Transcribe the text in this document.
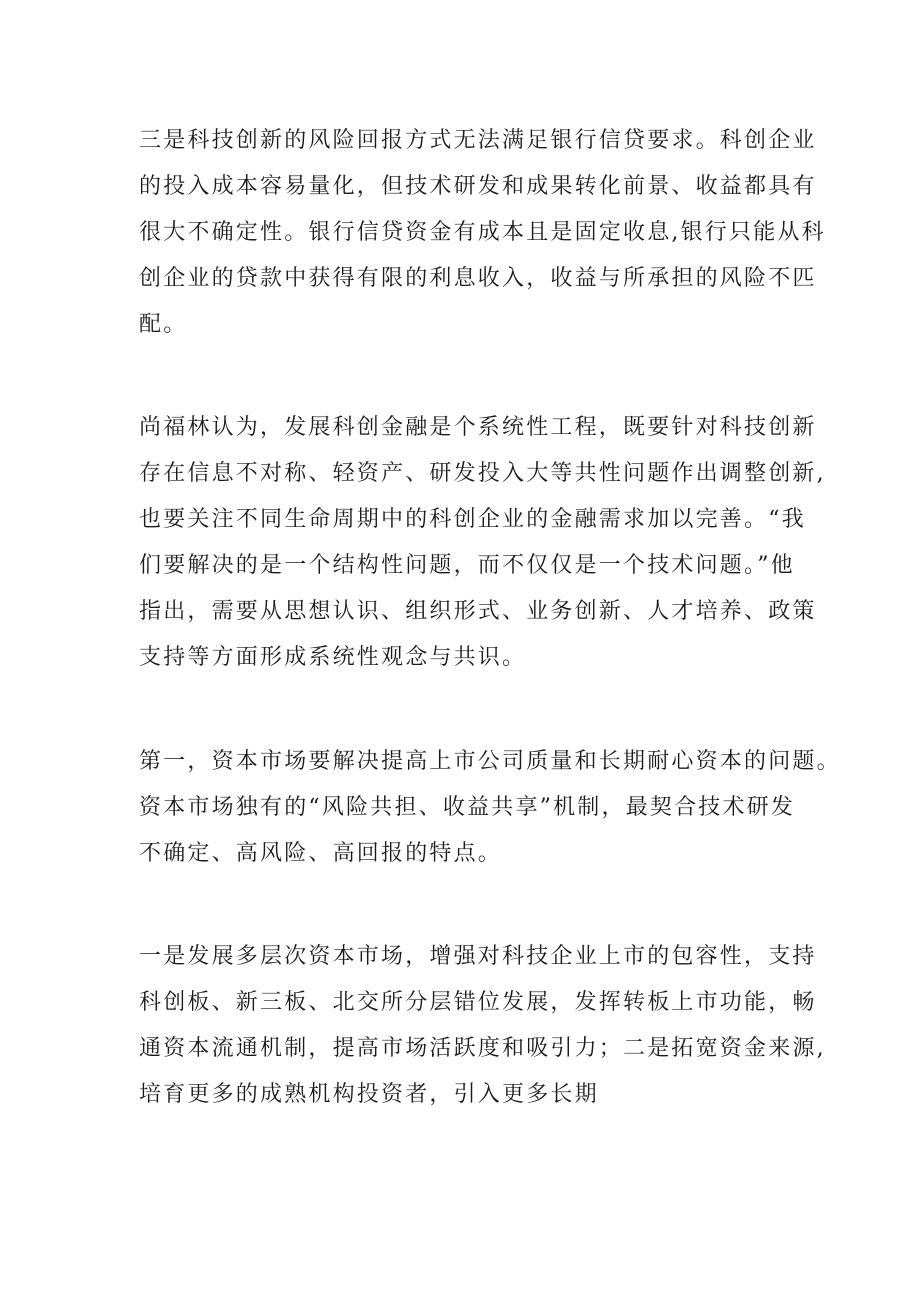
三是科技创新的风险回报方式无法满足银行信贷要求。科创企业
的投入成本容易量化，但技术研发和成果转化前景、收益都具有
很大不确定性。银行信贷资金有成本且是固定收息,银行只能从科
创企业的贷款中获得有限的利息收入，收益与所承担的风险不匹
配。
尚福林认为，发展科创金融是个系统性工程，既要针对科技创新
存在信息不对称、轻资产、研发投入大等共性问题作出调整创新,
也要关注不同生命周期中的科创企业的金融需求加以完善。“我
们要解决的是一个结构性问题，而不仅仅是一个技术问题。”他
指出，需要从思想认识、组织形式、业务创新、人才培养、政策
支持等方面形成系统性观念与共识。
第一，资本市场要解决提高上市公司质量和长期耐心资本的问题。
资本市场独有的“风险共担、收益共享”机制，最契合技术研发
不确定、高风险、高回报的特点。
一是发展多层次资本市场，增强对科技企业上市的包容性，支持
科创板、新三板、北交所分层错位发展，发挥转板上市功能，畅
通资本流通机制，提高市场活跃度和吸引力；二是拓宽资金来源,
培育更多的成熟机构投资者，引入更多长期
